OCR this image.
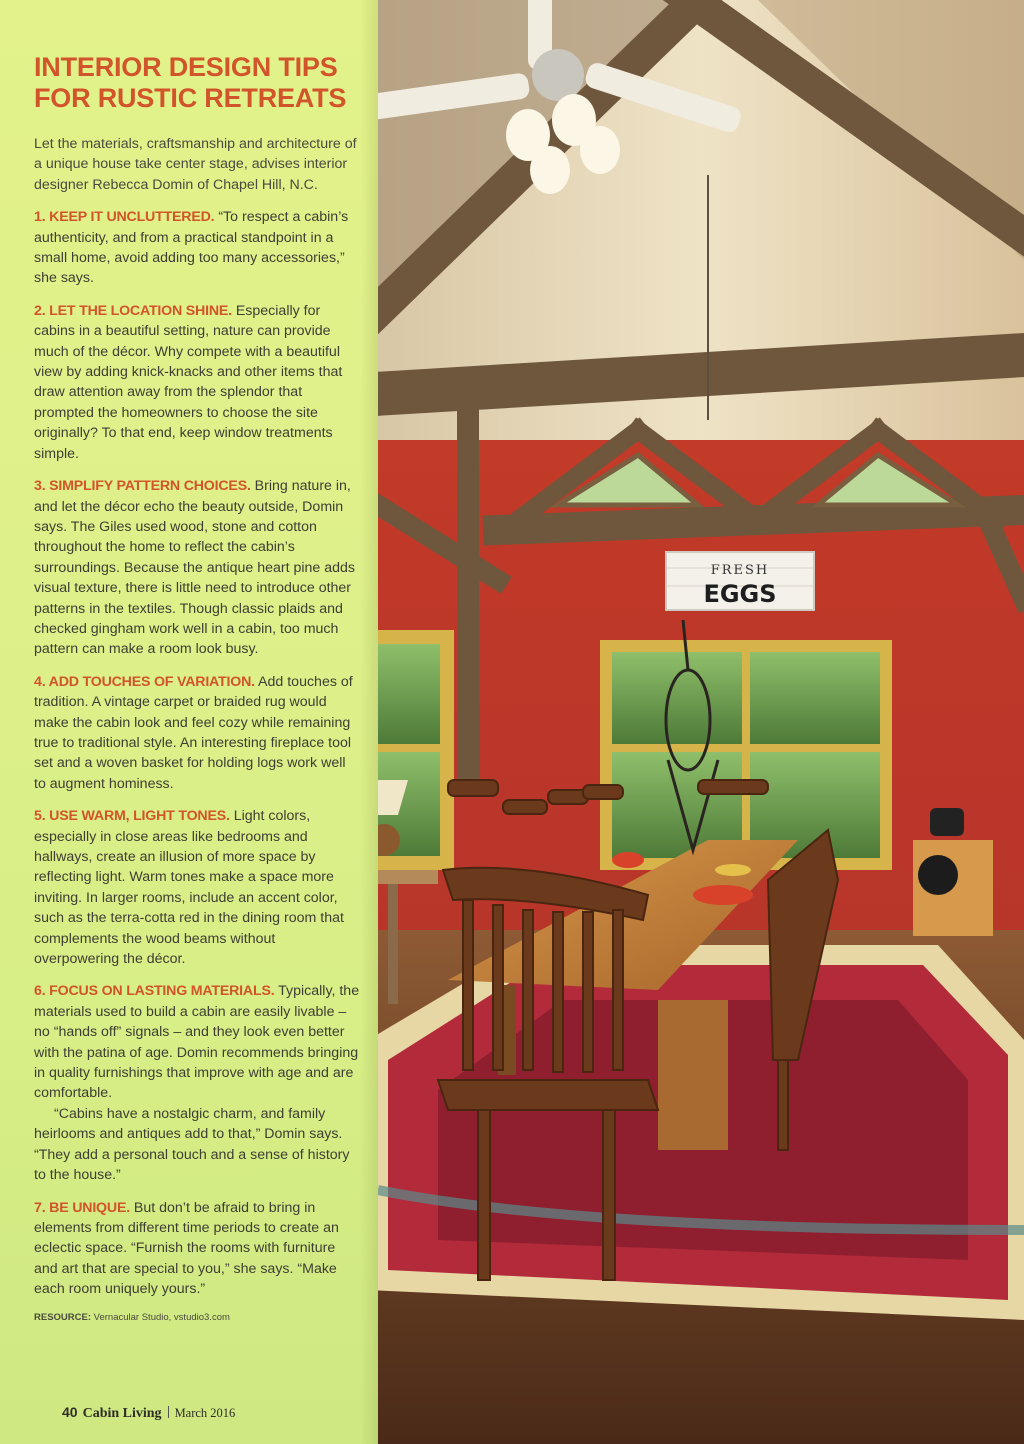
INTERIOR DESIGN TIPS
FOR RUSTIC RETREATS

Let the materials, craftsmanship and architecture of a unique house take center stage, advises interior designer Rebecca Domin of Chapel Hill, N.C.

1. KEEP IT UNCLUTTERED. “To respect a cabin’s authenticity, and from a practical standpoint in a small home, avoid adding too many accessories,” she says.

2. LET THE LOCATION SHINE. Especially for cabins in a beautiful setting, nature can provide much of the décor. Why compete with a beautiful view by adding knick-knacks and other items that draw attention away from the splendor that prompted the homeowners to choose the site originally? To that end, keep window treatments simple.

3. SIMPLIFY PATTERN CHOICES. Bring nature in, and let the décor echo the beauty outside, Domin says. The Giles used wood, stone and cotton throughout the home to reflect the cabin’s surroundings. Because the antique heart pine adds visual texture, there is little need to introduce other patterns in the textiles. Though classic plaids and checked gingham work well in a cabin, too much pattern can make a room look busy.

4. ADD TOUCHES OF VARIATION. Add touches of tradition. A vintage carpet or braided rug would make the cabin look and feel cozy while remaining true to traditional style. An interesting fireplace tool set and a woven basket for holding logs work well to augment hominess.

5. USE WARM, LIGHT TONES. Light colors, especially in close areas like bedrooms and hallways, create an illusion of more space by reflecting light. Warm tones make a space more inviting. In larger rooms, include an accent color, such as the terra-cotta red in the dining room that complements the wood beams without overpowering the décor.

6. FOCUS ON LASTING MATERIALS. Typically, the materials used to build a cabin are easily livable – no “hands off” signals – and they look even better with the patina of age. Domin recommends bringing in quality furnishings that improve with age and are comfortable.

“Cabins have a nostalgic charm, and family heirlooms and antiques add to that,” Domin says. “They add a personal touch and a sense of history to the house.”

7. BE UNIQUE. But don’t be afraid to bring in elements from different time periods to create an eclectic space. “Furnish the rooms with furniture and art that are special to you,” she says. “Make each room uniquely yours.”

RESOURCE: Vernacular Studio, vstudio3.com

40 Cabin Living March 2016
FRESH
EGGS
